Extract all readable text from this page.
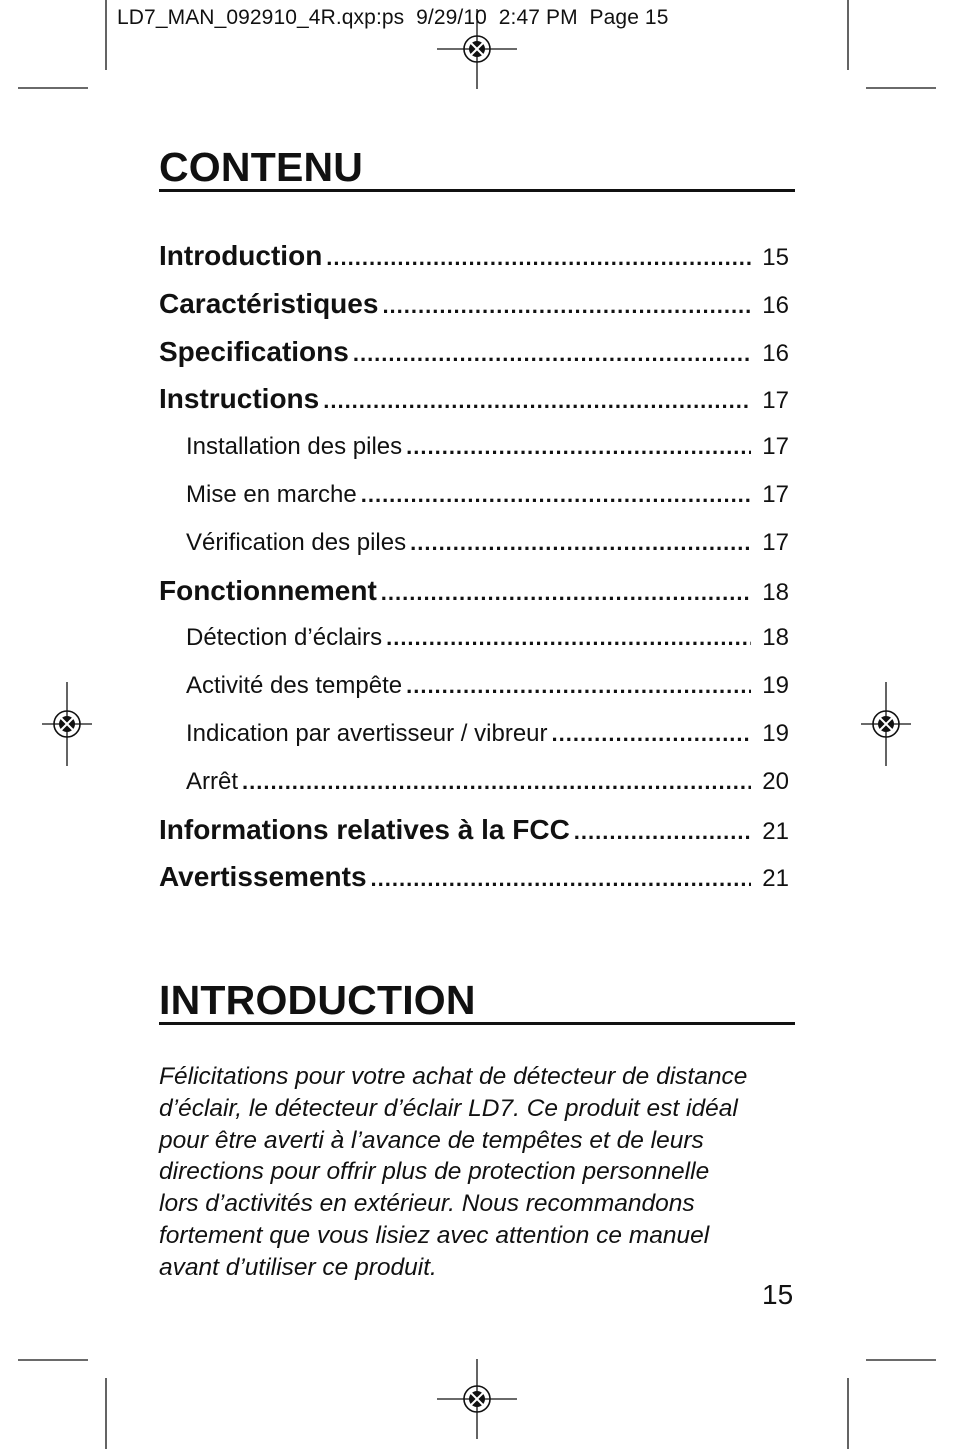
LD7_MAN_092910_4R.qxp:ps  9/29/10  2:47 PM  Page 15
CONTENU
Introduction .....	15
Caractéristiques .....	16
Specifications .....	16
Instructions .....	17
Installation des piles .....	17
Mise en marche .....	17
Vérification des piles .....	17
Fonctionnement .....	18
Détection d’éclairs .....	18
Activité des tempête .....	19
Indication par avertisseur / vibreur .....	19
Arrêt .....	20
Informations relatives à la FCC .....	21
Avertissements .....	21
INTRODUCTION

Félicitations pour votre achat de détecteur de distance
d’éclair, le détecteur d’éclair LD7. Ce produit est idéal
pour être averti à l’avance de tempêtes et de leurs
directions pour offrir plus de protection personnelle
lors d’activités en extérieur. Nous recommandons
fortement que vous lisiez avec attention ce manuel
avant d’utiliser ce produit.

15
